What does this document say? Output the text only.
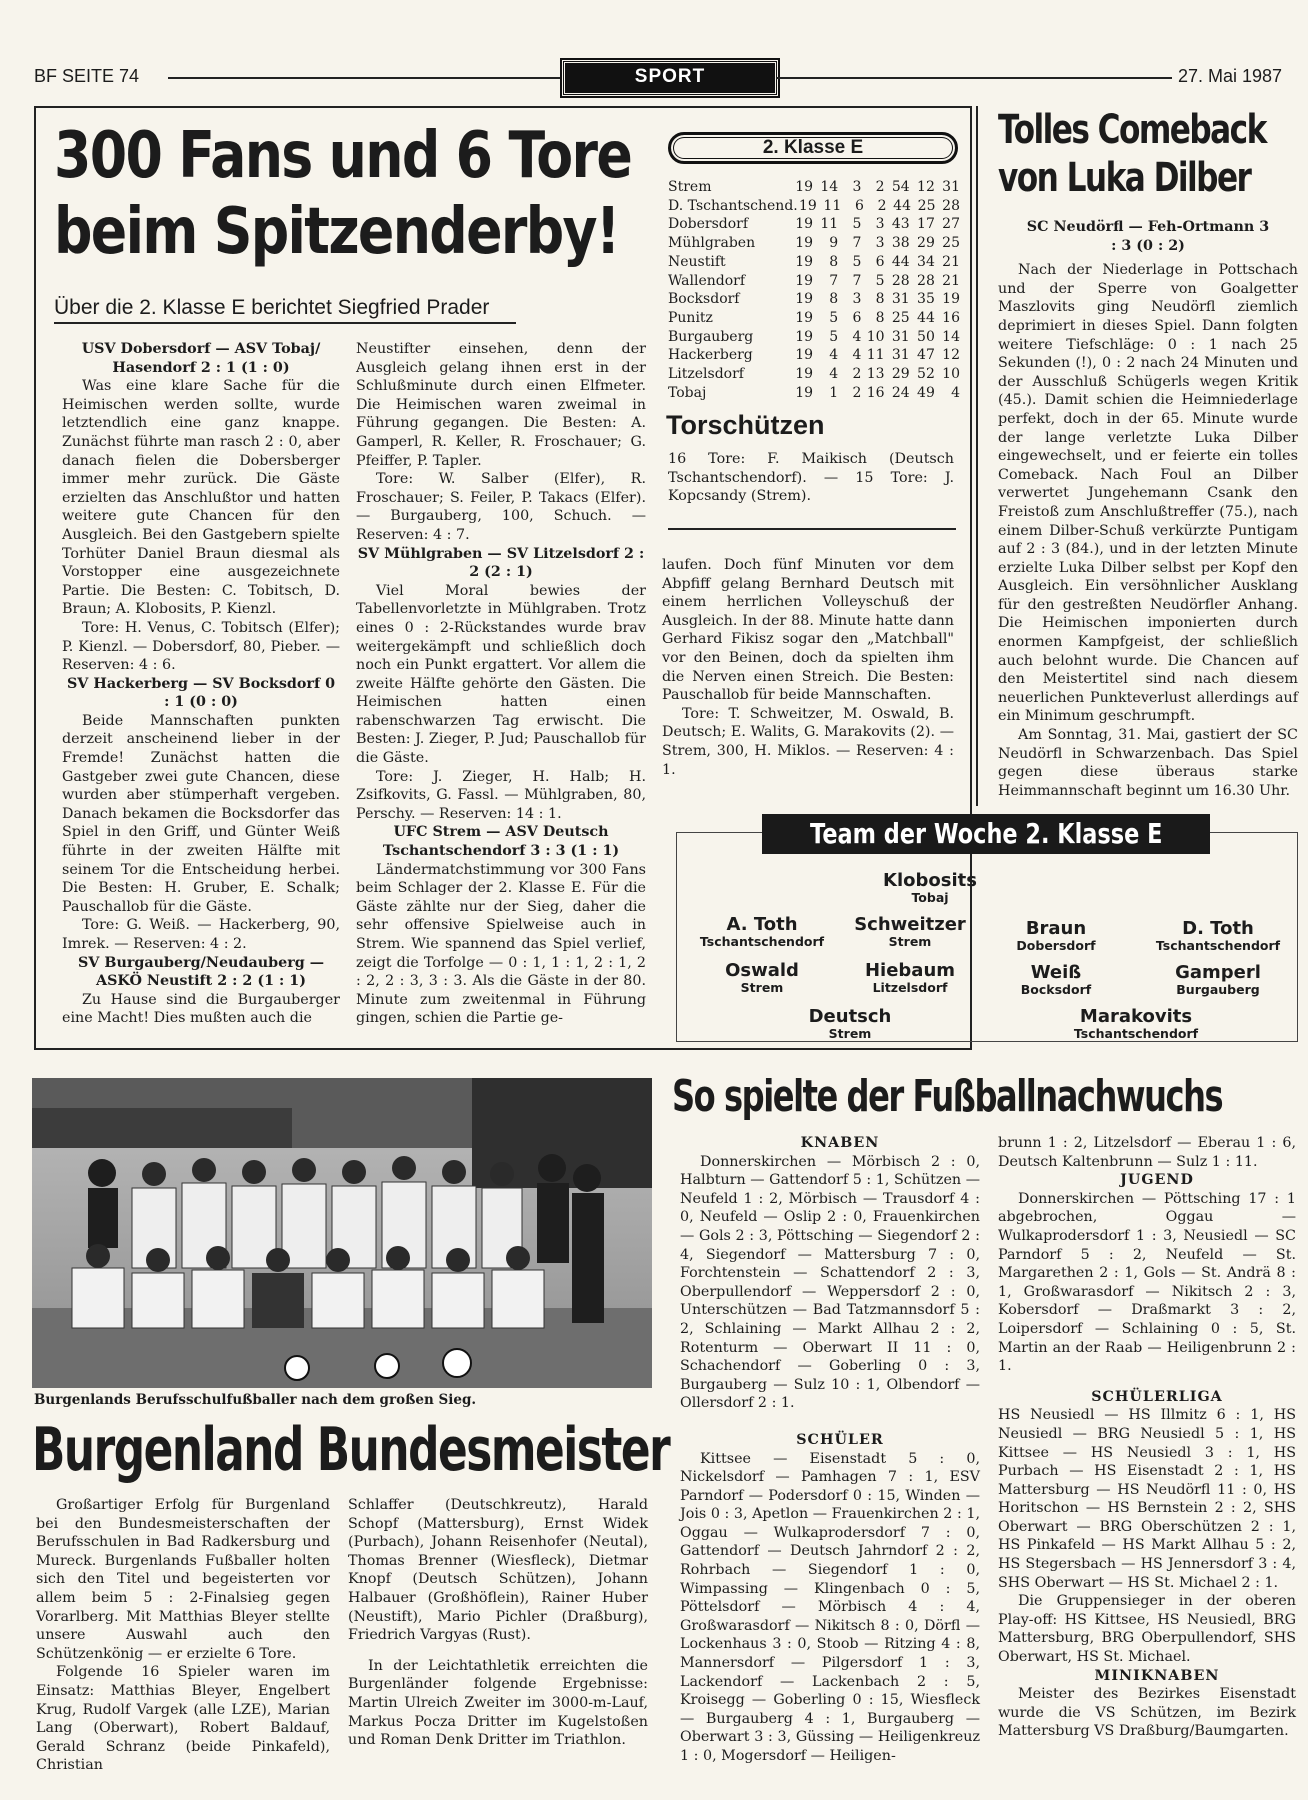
BF SEITE 74	SPORT	27. Mai 1987
300 Fans und 6 Tore
beim Spitzenderby!
Über die 2. Klasse E berichtet Siegfried Prader

USV Dobersdorf — ASV Tobaj/ Hasendorf 2 : 1 (1 : 0)

Was eine klare Sache für die Heimischen werden sollte, wurde letztendlich eine ganz knappe. Zunächst führte man rasch 2 : 0, aber danach fielen die Dobersberger immer mehr zurück. Die Gäste erzielten das Anschlußtor und hatten weitere gute Chancen für den Ausgleich. Bei den Gastgebern spielte Torhüter Daniel Braun diesmal als Vorstopper eine ausgezeichnete Partie. Die Besten: C. Tobitsch, D. Braun; A. Klobosits, P. Kienzl.

Tore: H. Venus, C. Tobitsch (Elfer); P. Kienzl. — Dobersdorf, 80, Pieber. — Reserven: 4 : 6.

SV Hackerberg — SV Bocksdorf 0 : 1 (0 : 0)

Beide Mannschaften punkten derzeit anscheinend lieber in der Fremde! Zunächst hatten die Gastgeber zwei gute Chancen, diese wurden aber stümperhaft vergeben. Danach bekamen die Bocksdorfer das Spiel in den Griff, und Günter Weiß führte in der zweiten Hälfte mit seinem Tor die Entscheidung herbei. Die Besten: H. Gruber, E. Schalk; Pauschallob für die Gäste.

Tore: G. Weiß. — Hackerberg, 90, Imrek. — Reserven: 4 : 2.

SV Burgauberg/Neudauberg — ASKÖ Neustift 2 : 2 (1 : 1)

Zu Hause sind die Burgauberger eine Macht! Dies mußten auch die

Neustifter einsehen, denn der Ausgleich gelang ihnen erst in der Schlußminute durch einen Elfmeter. Die Heimischen waren zweimal in Führung gegangen. Die Besten: A. Gamperl, R. Keller, R. Froschauer; G. Pfeiffer, P. Tapler.

Tore: W. Salber (Elfer), R. Froschauer; S. Feiler, P. Takacs (Elfer). — Burgauberg, 100, Schuch. — Reserven: 4 : 7.

SV Mühlgraben — SV Litzelsdorf 2 : 2 (2 : 1)

Viel Moral bewies der Tabellenvorletzte in Mühlgraben. Trotz eines 0 : 2-Rückstandes wurde brav weitergekämpft und schließlich doch noch ein Punkt ergattert. Vor allem die zweite Hälfte gehörte den Gästen. Die Heimischen hatten einen rabenschwarzen Tag erwischt. Die Besten: J. Zieger, P. Jud; Pauschallob für die Gäste.

Tore: J. Zieger, H. Halb; H. Zsifkovits, G. Fassl. — Mühlgraben, 80, Perschy. — Reserven: 14 : 1.

UFC Strem — ASV Deutsch Tschantschendorf 3 : 3 (1 : 1)

Ländermatchstimmung vor 300 Fans beim Schlager der 2. Klasse E. Für die Gäste zählte nur der Sieg, daher die sehr offensive Spielweise auch in Strem. Wie spannend das Spiel verlief, zeigt die Torfolge — 0 : 1, 1 : 1, 2 : 1, 2 : 2, 2 : 3, 3 : 3. Als die Gäste in der 80. Minute zum zweitenmal in Führung gingen, schien die Partie ge-

laufen. Doch fünf Minuten vor dem Abpfiff gelang Bernhard Deutsch mit einem herrlichen Volleyschuß der Ausgleich. In der 88. Minute hatte dann Gerhard Fikisz sogar den „Matchball" vor den Beinen, doch da spielten ihm die Nerven einen Streich. Die Besten: Pauschallob für beide Mannschaften.

Tore: T. Schweitzer, M. Oswald, B. Deutsch; E. Walits, G. Marakovits (2). — Strem, 300, H. Miklos. — Reserven: 4 : 1.

2. Klasse E
Strem	19 14	3	2 54 12 31
D. Tschantschend. 19 11 6 2 44 25 28
Dobersdorf	19 11	5	3 43 17 27
Mühlgraben	19	9	7	3 38 29 25
Neustift	19	8	5	6 44 34 21
Wallendorf	19	7	7	5 28 28 21
Bocksdorf	19	8	3	8 31 35 19
Punitz	19	5	6	8 25 44 16
Burgauberg	19	5	4 10 31 50 14
Hackerberg	19	4	4 11 31 47 12
Litzelsdorf	19	4	2 13 29 52 10
Tobaj	19	1	2 16 24 49	4
Torschützen
16 Tore: F. Maikisch (Deutsch Tschantschendorf). — 15 Tore: J. Kopcsandy (Strem).
Tolles Comeback
von Luka Dilber

SC Neudörfl — Feh-Ortmann 3 : 3 (0 : 2)

Nach der Niederlage in Pottschach und der Sperre von Goalgetter Maszlovits ging Neudörfl ziemlich deprimiert in dieses Spiel. Dann folgten weitere Tiefschläge: 0 : 1 nach 25 Sekunden (!), 0 : 2 nach 24 Minuten und der Ausschluß Schügerls wegen Kritik (45.). Damit schien die Heimniederlage perfekt, doch in der 65. Minute wurde der lange verletzte Luka Dilber eingewechselt, und er feierte ein tolles Comeback. Nach Foul an Dilber verwertet Jungehemann Csank den Freistoß zum Anschlußtreffer (75.), nach einem Dilber-Schuß verkürzte Puntigam auf 2 : 3 (84.), und in der letzten Minute erzielte Luka Dilber selbst per Kopf den Ausgleich. Ein versöhnlicher Ausklang für den gestreßten Neudörfler Anhang. Die Heimischen imponierten durch enormen Kampfgeist, der schließlich auch belohnt wurde. Die Chancen auf den Meistertitel sind nach diesem neuerlichen Punkteverlust allerdings auf ein Minimum geschrumpft.

Am Sonntag, 31. Mai, gastiert der SC Neudörfl in Schwarzenbach. Das Spiel gegen diese überaus starke Heimmannschaft beginnt um 16.30 Uhr.

Team der Woche 2. Klasse E
Klobosits
Tobaj
A. Toth
Tschantschendorf
Schweitzer
Strem
Braun
Dobersdorf
D. Toth
Tschantschendorf
Oswald
Strem
Hiebaum
Litzelsdorf
Weiß
Bocksdorf
Gamperl
Burgauberg
Deutsch
Strem
Marakovits
Tschantschendorf
Burgenlands Berufsschulfußballer nach dem großen Sieg.
Burgenland Bundesmeister

Großartiger Erfolg für Burgenland bei den Bundesmeisterschaften der Berufsschulen in Bad Radkersburg und Mureck. Burgenlands Fußballer holten sich den Titel und begeisterten vor allem beim 5 : 2-Finalsieg gegen Vorarlberg. Mit Matthias Bleyer stellte unsere Auswahl auch den Schützenkönig — er erzielte 6 Tore.

Folgende 16 Spieler waren im Einsatz: Matthias Bleyer, Engelbert Krug, Rudolf Vargek (alle LZE), Marian Lang (Oberwart), Robert Baldauf, Gerald Schranz (beide Pinkafeld), Christian

Schlaffer (Deutschkreutz), Harald Schopf (Mattersburg), Ernst Widek (Purbach), Johann Reisenhofer (Neutal), Thomas Brenner (Wiesfleck), Dietmar Knopf (Deutsch Schützen), Johann Halbauer (Großhöflein), Rainer Huber (Neustift), Mario Pichler (Draßburg), Friedrich Vargyas (Rust).

In der Leichtathletik erreichten die Burgenländer folgende Ergebnisse: Martin Ulreich Zweiter im 3000-m-Lauf, Markus Pocza Dritter im Kugelstoßen und Roman Denk Dritter im Triathlon.

So spielte der Fußballnachwuchs

KNABEN

Donnerskirchen — Mörbisch 2 : 0, Halbturn — Gattendorf 5 : 1, Schützen — Neufeld 1 : 2, Mörbisch — Trausdorf 4 : 0, Neufeld — Oslip 2 : 0, Frauenkirchen — Gols 2 : 3, Pöttsching — Siegendorf 2 : 4, Siegendorf — Mattersburg 7 : 0, Forchtenstein — Schattendorf 2 : 3, Oberpullendorf — Weppersdorf 2 : 0, Unterschützen — Bad Tatzmannsdorf 5 : 2, Schlaining — Markt Allhau 2 : 2, Rotenturm — Oberwart II 11 : 0, Schachendorf — Goberling 0 : 3, Burgauberg — Sulz 10 : 1, Olbendorf — Ollersdorf 2 : 1.

SCHÜLER

Kittsee — Eisenstadt 5 : 0, Nickelsdorf — Pamhagen 7 : 1, ESV Parndorf — Podersdorf 0 : 15, Winden — Jois 0 : 3, Apetlon — Frauenkirchen 2 : 1, Oggau — Wulkaprodersdorf 7 : 0, Gattendorf — Deutsch Jahrndorf 2 : 2, Rohrbach — Siegendorf 1 : 0, Wimpassing — Klingenbach 0 : 5, Pöttelsdorf — Mörbisch 4 : 4, Großwarasdorf — Nikitsch 8 : 0, Dörfl — Lockenhaus 3 : 0, Stoob — Ritzing 4 : 8, Mannersdorf — Pilgersdorf 1 : 3, Lackendorf — Lackenbach 2 : 5, Kroisegg — Goberling 0 : 15, Wiesfleck — Burgauberg 4 : 1, Burgauberg — Oberwart 3 : 3, Güssing — Heiligenkreuz 1 : 0, Mogersdorf — Heiligen-

brunn 1 : 2, Litzelsdorf — Eberau 1 : 6, Deutsch Kaltenbrunn — Sulz 1 : 11.

JUGEND

Donnerskirchen — Pöttsching 17 : 1 abgebrochen, Oggau — Wulkaprodersdorf 1 : 3, Neusiedl — SC Parndorf 5 : 2, Neufeld — St. Margarethen 2 : 1, Gols — St. Andrä 8 : 1, Großwarasdorf — Nikitsch 2 : 3, Kobersdorf — Draßmarkt 3 : 2, Loipersdorf — Schlaining 0 : 5, St. Martin an der Raab — Heiligenbrunn 2 : 1.

SCHÜLERLIGA

HS Neusiedl — HS Illmitz 6 : 1, HS Neusiedl — BRG Neusiedl 5 : 1, HS Kittsee — HS Neusiedl 3 : 1, HS Purbach — HS Eisenstadt 2 : 1, HS Mattersburg — HS Neudörfl 11 : 0, HS Horitschon — HS Bernstein 2 : 2, SHS Oberwart — BRG Oberschützen 2 : 1, HS Pinkafeld — HS Markt Allhau 5 : 2, HS Stegersbach — HS Jennersdorf 3 : 4, SHS Oberwart — HS St. Michael 2 : 1.

Die Gruppensieger in der oberen Play-off: HS Kittsee, HS Neusiedl, BRG Mattersburg, BRG Oberpullendorf, SHS Oberwart, HS St. Michael.

MINIKNABEN

Meister des Bezirkes Eisenstadt wurde die VS Schützen, im Bezirk Mattersburg VS Draßburg/Baumgarten.
